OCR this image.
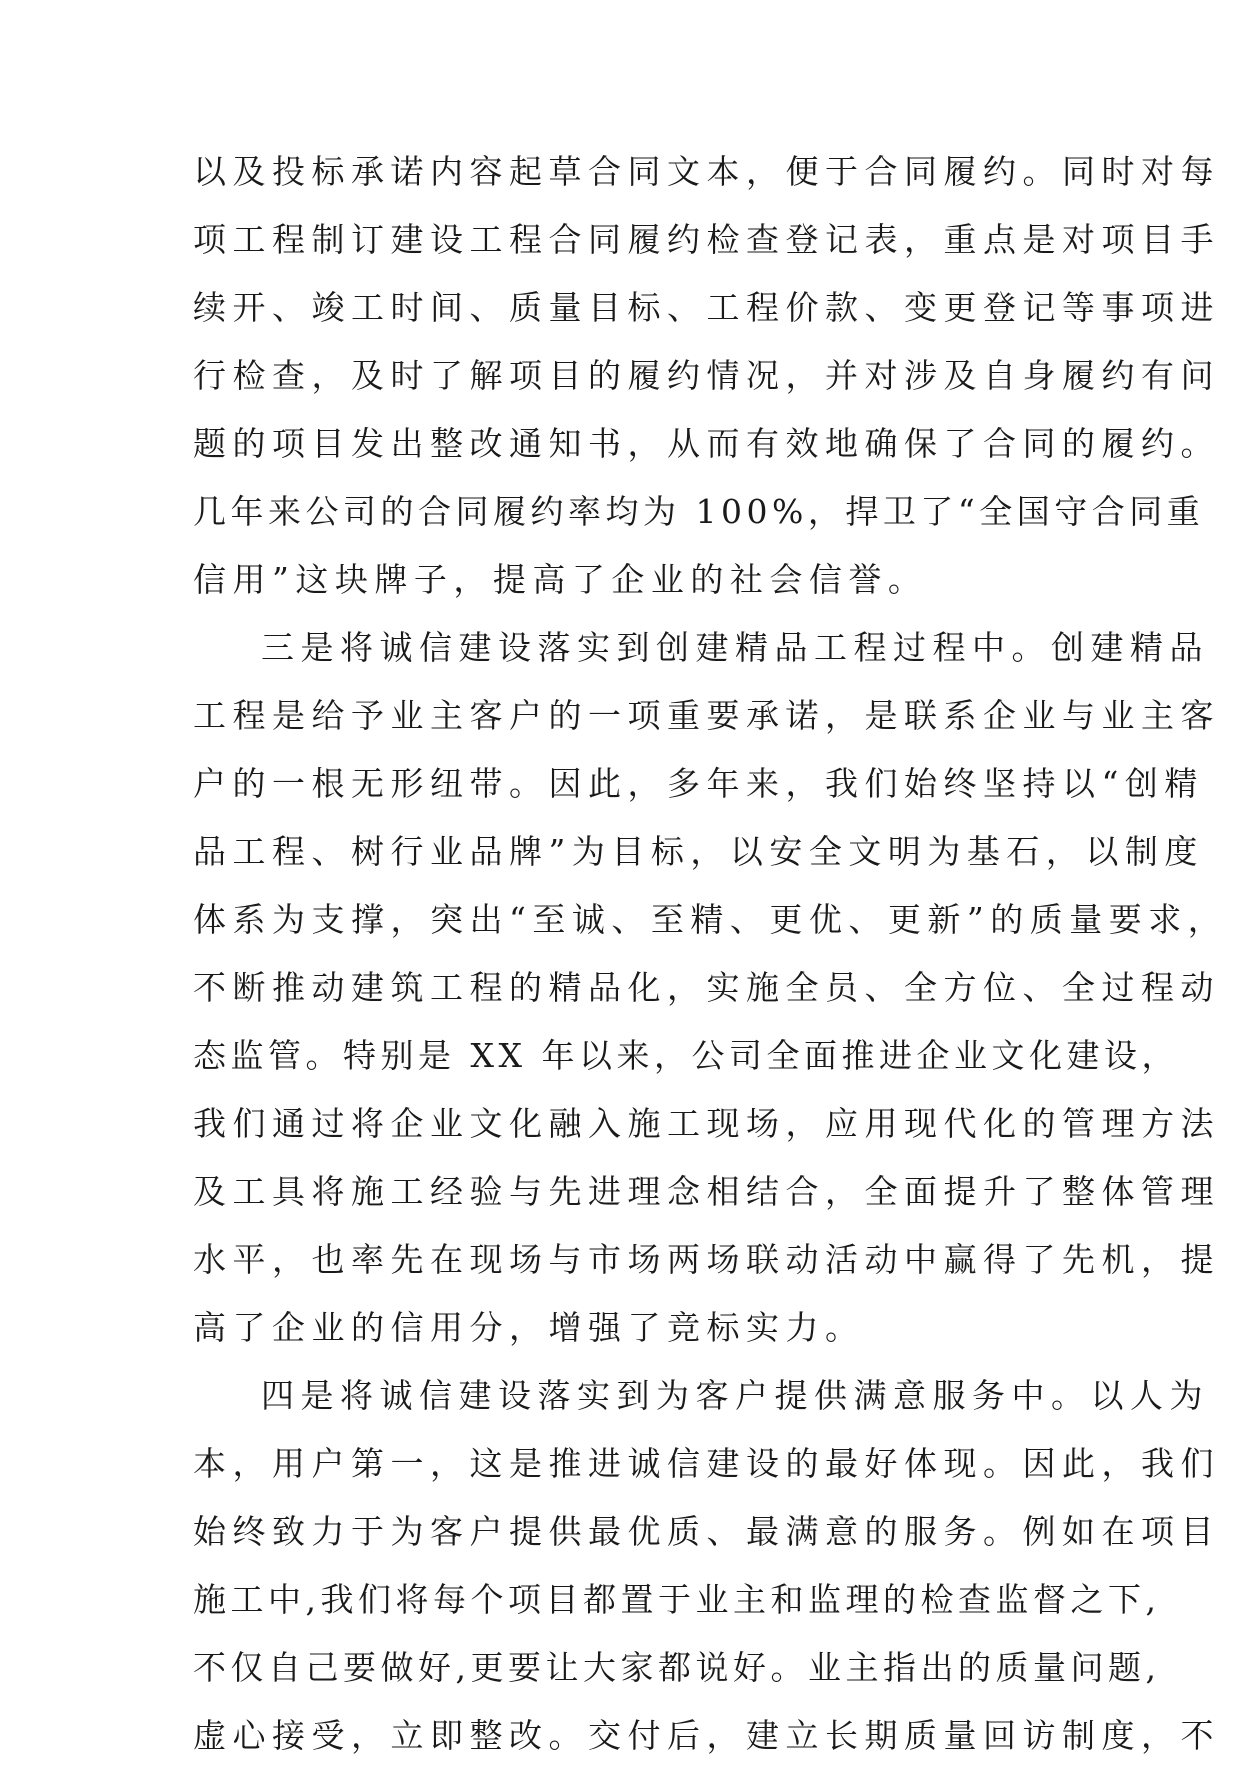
以及投标承诺内容起草合同文本，便于合同履约。同时对每
项工程制订建设工程合同履约检查登记表，重点是对项目手
续开、竣工时间、质量目标、工程价款、变更登记等事项进
行检查，及时了解项目的履约情况，并对涉及自身履约有问
题的项目发出整改通知书，从而有效地确保了合同的履约。
几年来公司的合同履约率均为 100%，捍卫了“全国守合同重
信用”这块牌子，提高了企业的社会信誉。
三是将诚信建设落实到创建精品工程过程中。创建精品
工程是给予业主客户的一项重要承诺，是联系企业与业主客
户的一根无形纽带。因此，多年来，我们始终坚持以“创精
品工程、树行业品牌”为目标，以安全文明为基石，以制度
体系为支撑，突出“至诚、至精、更优、更新”的质量要求，
不断推动建筑工程的精品化，实施全员、全方位、全过程动
态监管。特别是 XX 年以来，公司全面推进企业文化建设，
我们通过将企业文化融入施工现场，应用现代化的管理方法
及工具将施工经验与先进理念相结合，全面提升了整体管理
水平，也率先在现场与市场两场联动活动中赢得了先机，提
高了企业的信用分，增强了竞标实力。
四是将诚信建设落实到为客户提供满意服务中。以人为
本，用户第一，这是推进诚信建设的最好体现。因此，我们
始终致力于为客户提供最优质、最满意的服务。例如在项目
施工中,我们将每个项目都置于业主和监理的检查监督之下,
不仅自己要做好,更要让大家都说好。业主指出的质量问题,
虚心接受，立即整改。交付后，建立长期质量回访制度，不
